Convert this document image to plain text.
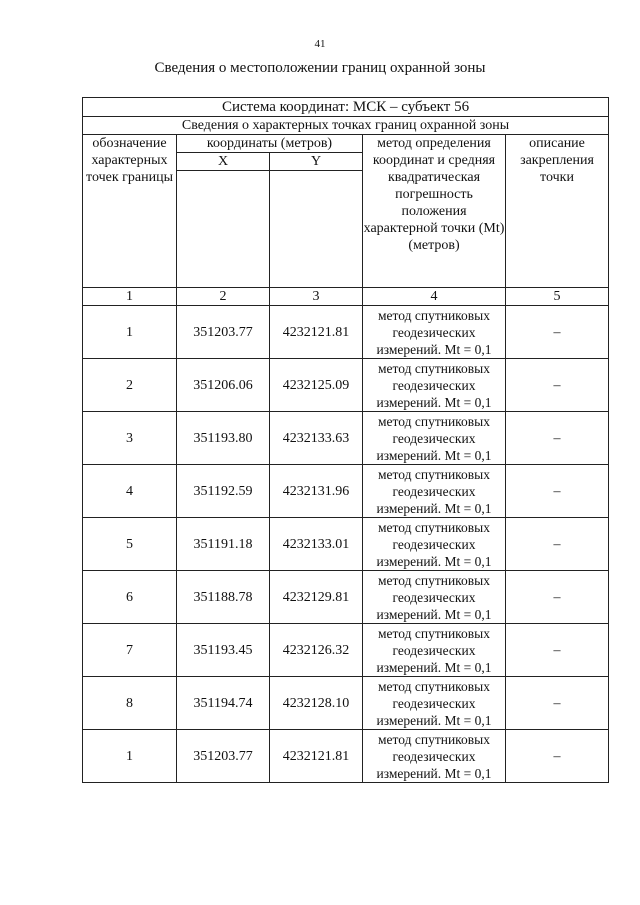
41
Сведения о местоположении границ охранной зоны
Система координат: МСК – субъект 56				
Сведения о характерных точках границ охранной зоны				
обозначение характерных точек границы	координаты (метров)		метод определения координат и средняя квадратическая погрешность положения характерной точки (Mt) (метров)	описание закрепления точки
	X	Y		

1	2	3	4	5
1	351203.77	4232121.81	метод спутниковых
геодезических
измерений. Mt = 0,1	–
2	351206.06	4232125.09	метод спутниковых
геодезических
измерений. Mt = 0,1	–
3	351193.80	4232133.63	метод спутниковых
геодезических
измерений. Mt = 0,1	–
4	351192.59	4232131.96	метод спутниковых
геодезических
измерений. Mt = 0,1	–
5	351191.18	4232133.01	метод спутниковых
геодезических
измерений. Mt = 0,1	–
6	351188.78	4232129.81	метод спутниковых
геодезических
измерений. Mt = 0,1	–
7	351193.45	4232126.32	метод спутниковых
геодезических
измерений. Mt = 0,1	–
8	351194.74	4232128.10	метод спутниковых
геодезических
измерений. Mt = 0,1	–
1	351203.77	4232121.81	метод спутниковых
геодезических
измерений. Mt = 0,1	–
